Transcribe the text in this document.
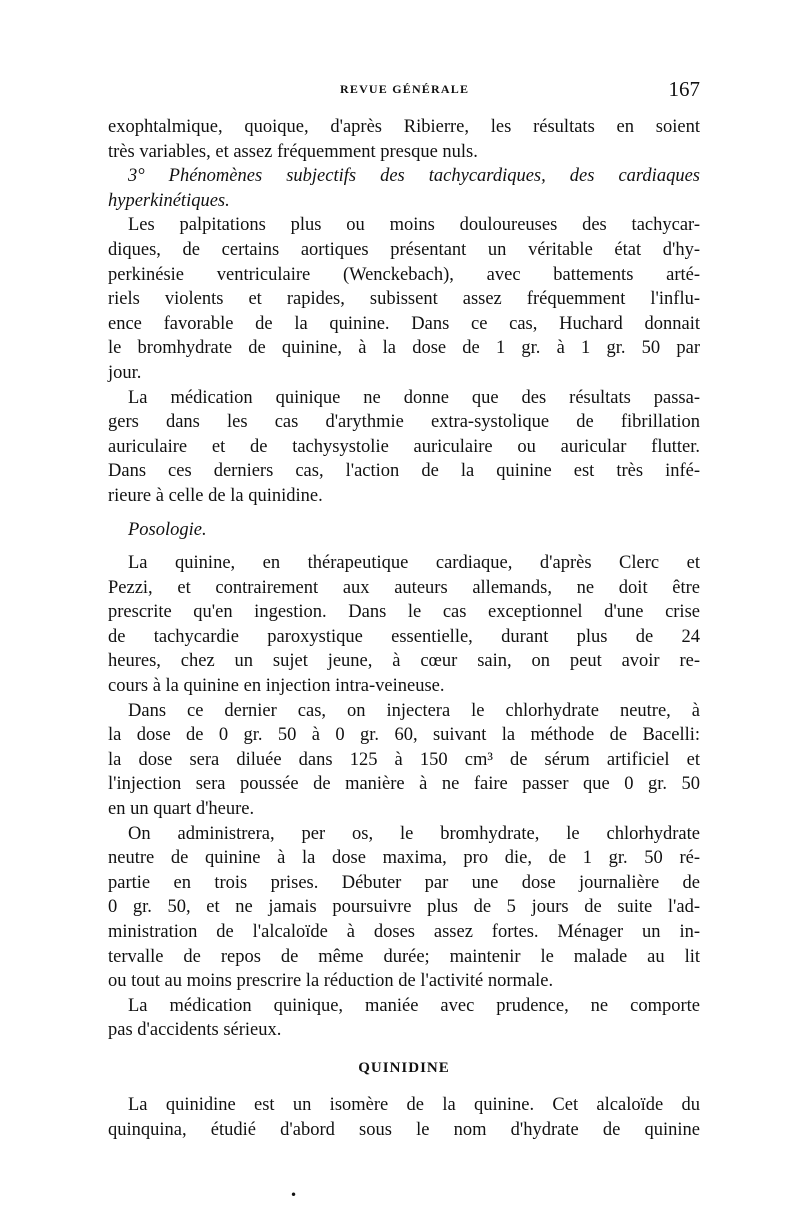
REVUE GÉNÉRALE	167
exophtalmique, quoique, d'après Ribierre, les résultats en soient
très variables, et assez fréquemment presque nuls.
3° Phénomènes subjectifs des tachycardiques, des cardiaques
hyperkinétiques.
Les palpitations plus ou moins douloureuses des tachycar-
diques, de certains aortiques présentant un véritable état d'hy-
perkinésie ventriculaire (Wenckebach), avec battements arté-
riels violents et rapides, subissent assez fréquemment l'influ-
ence favorable de la quinine. Dans ce cas, Huchard donnait
le bromhydrate de quinine, à la dose de 1 gr. à 1 gr. 50 par
jour.
La médication quinique ne donne que des résultats passa-
gers dans les cas d'arythmie extra-systolique de fibrillation
auriculaire et de tachysystolie auriculaire ou auricular flutter.
Dans ces derniers cas, l'action de la quinine est très infé-
rieure à celle de la quinidine.
Posologie.
La quinine, en thérapeutique cardiaque, d'après Clerc et
Pezzi, et contrairement aux auteurs allemands, ne doit être
prescrite qu'en ingestion. Dans le cas exceptionnel d'une crise
de tachycardie paroxystique essentielle, durant plus de 24
heures, chez un sujet jeune, à cœur sain, on peut avoir re-
cours à la quinine en injection intra-veineuse.
Dans ce dernier cas, on injectera le chlorhydrate neutre, à
la dose de 0 gr. 50 à 0 gr. 60, suivant la méthode de Bacelli:
la dose sera diluée dans 125 à 150 cm³ de sérum artificiel et
l'injection sera poussée de manière à ne faire passer que 0 gr. 50
en un quart d'heure.
On administrera, per os, le bromhydrate, le chlorhydrate
neutre de quinine à la dose maxima, pro die, de 1 gr. 50 ré-
partie en trois prises. Débuter par une dose journalière de
0 gr. 50, et ne jamais poursuivre plus de 5 jours de suite l'ad-
ministration de l'alcaloïde à doses assez fortes. Ménager un in-
tervalle de repos de même durée; maintenir le malade au lit
ou tout au moins prescrire la réduction de l'activité normale.
La médication quinique, maniée avec prudence, ne comporte
pas d'accidents sérieux.
QUINIDINE
La quinidine est un isomère de la quinine. Cet alcaloïde du
quinquina, étudié d'abord sous le nom d'hydrate de quinine
•
